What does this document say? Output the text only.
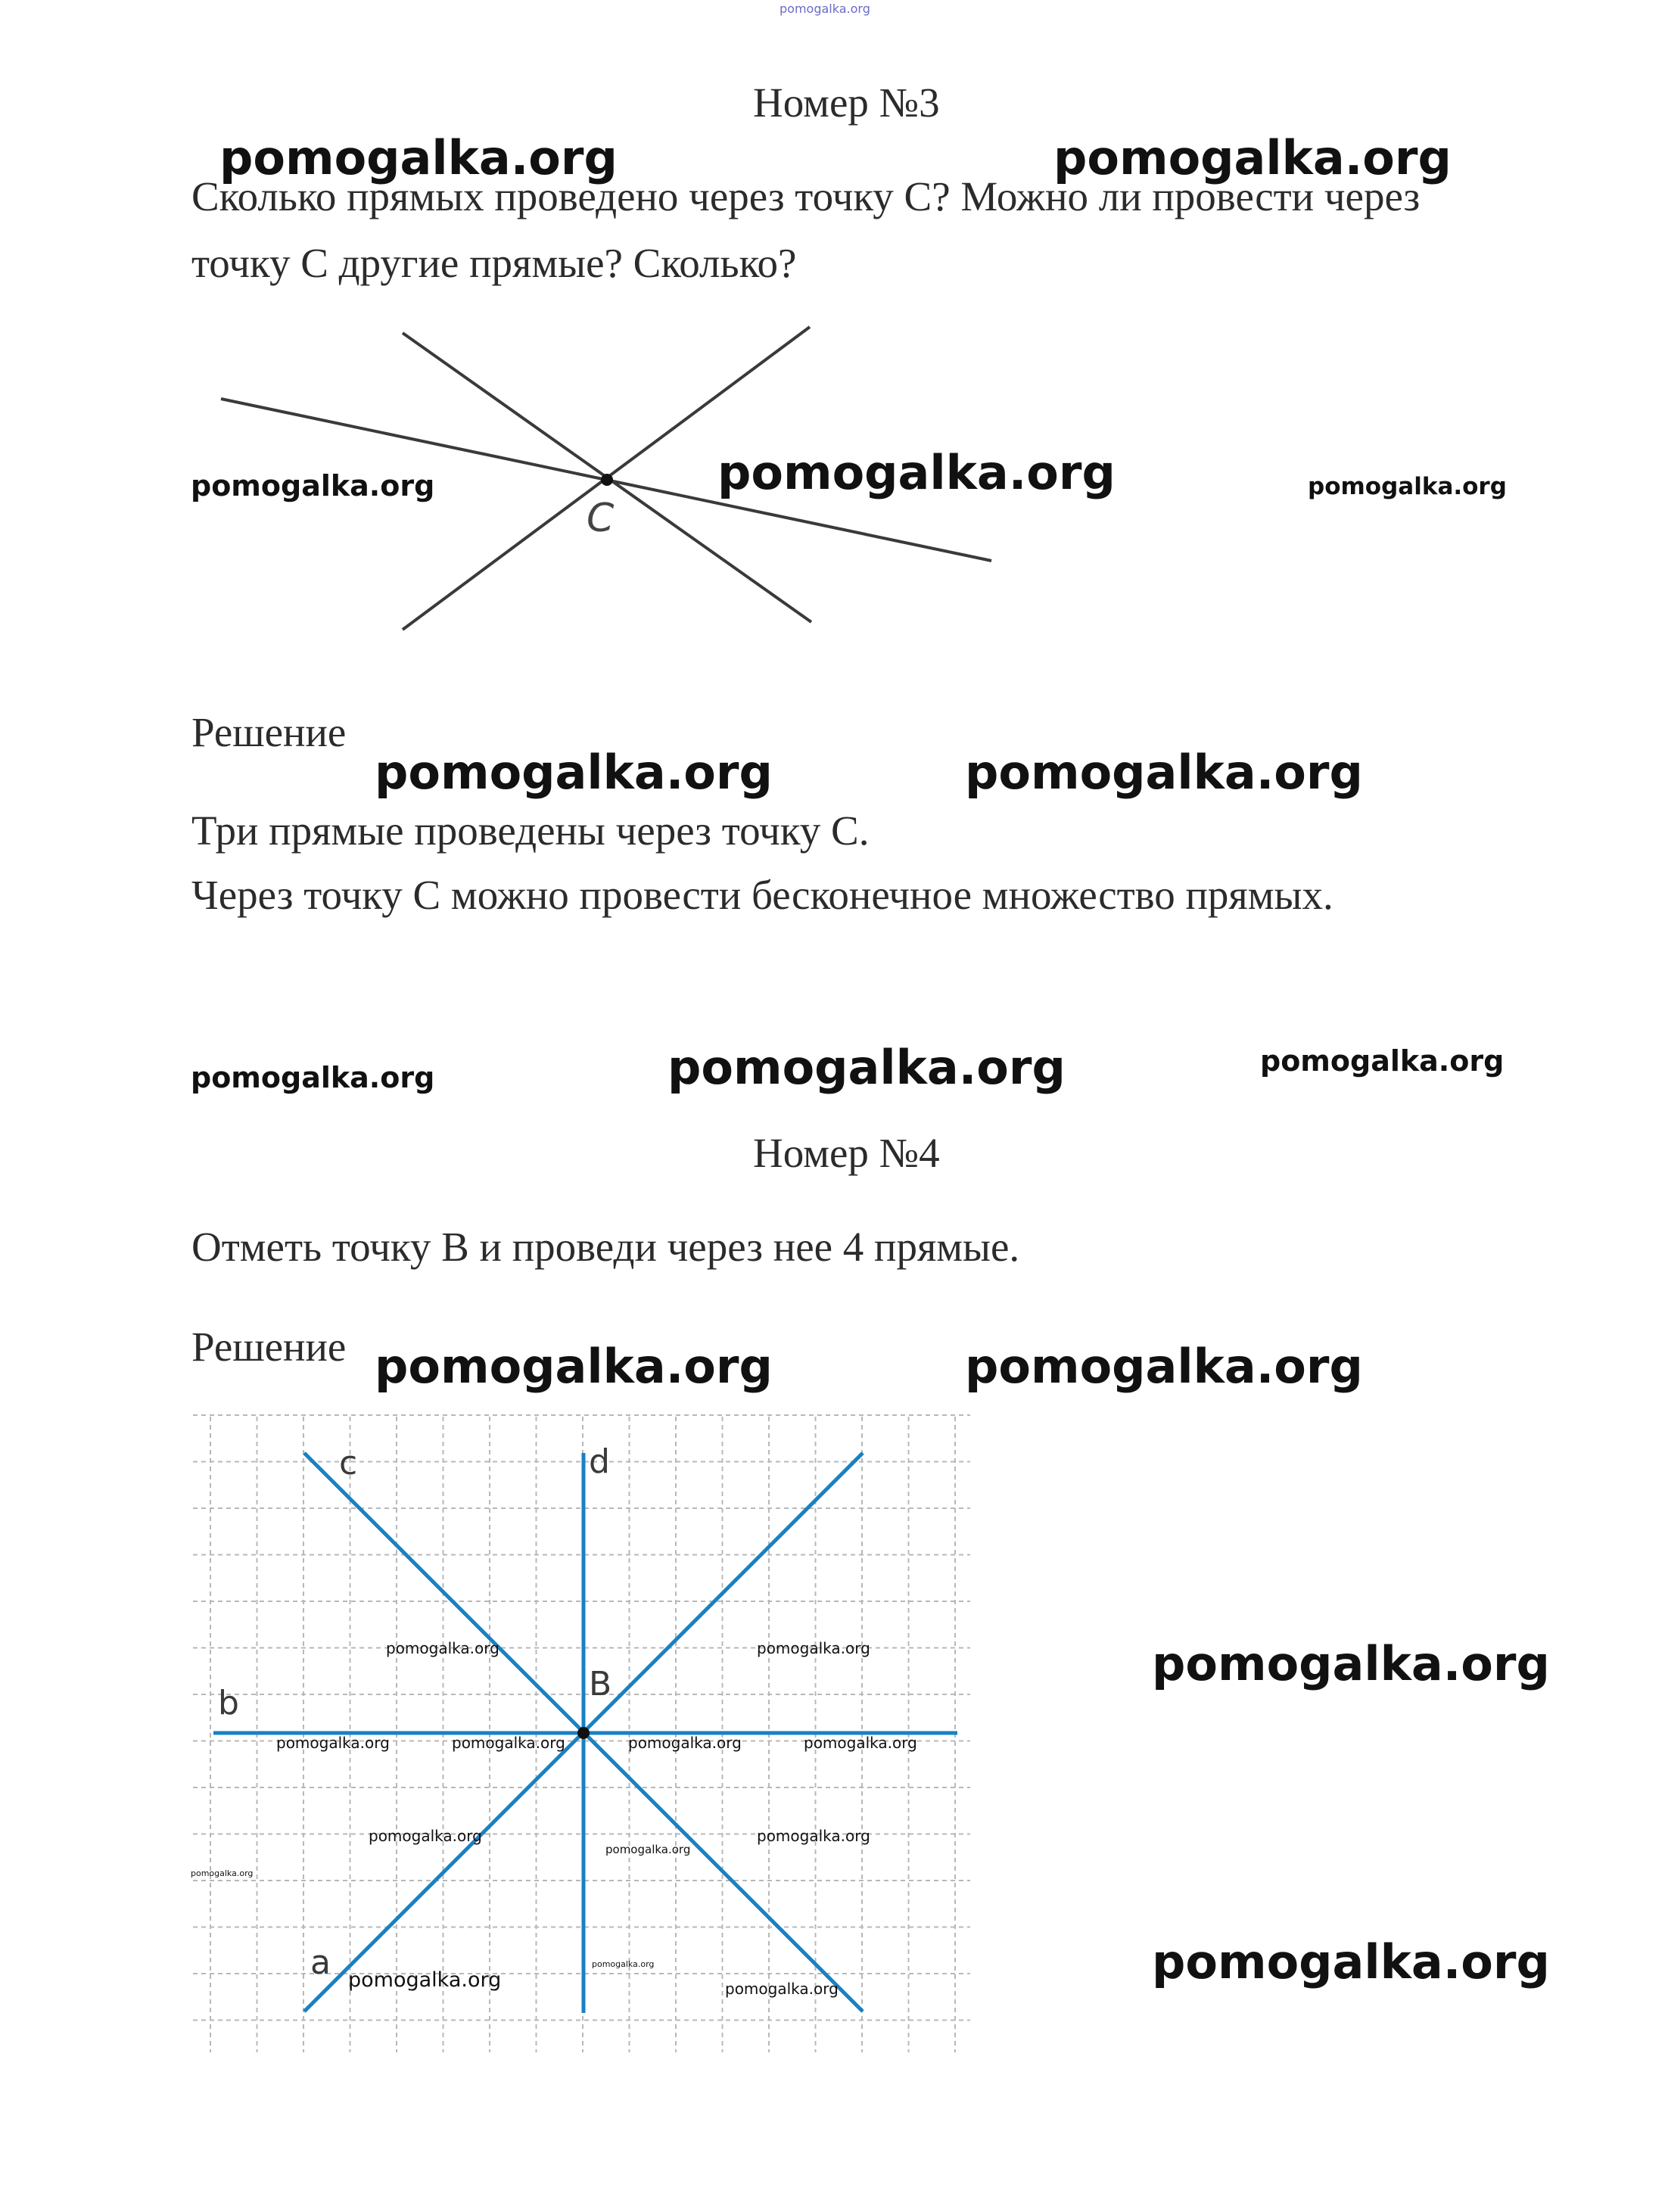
pomogalka.org
Номер №3
pomogalka.org	pomogalka.org
Сколько прямых проведено через точку С? Можно ли провести через
точку С другие прямые? Сколько?
C
pomogalka.org	pomogalka.org	pomogalka.org
Решение
pomogalka.org	pomogalka.org
Три прямые проведены через точку С.
Через точку С можно провести бесконечное множество прямых.
pomogalka.org	pomogalka.org	pomogalka.org
Номер №4
Отметь точку В и проведи через нее 4 прямые.
Решение pomogalka.org	pomogalka.org
c	d
b
a
B
pomogalka.org	pomogalka.org
pomogalka.org	pomogalka.org	pomogalka.org	pomogalka.org
pomogalka.org	pomogalka.org
pomogalka.org
pomogalka.org
pomogalka.org
pomogalka.org	pomogalka.org
pomogalka.org
pomogalka.org
